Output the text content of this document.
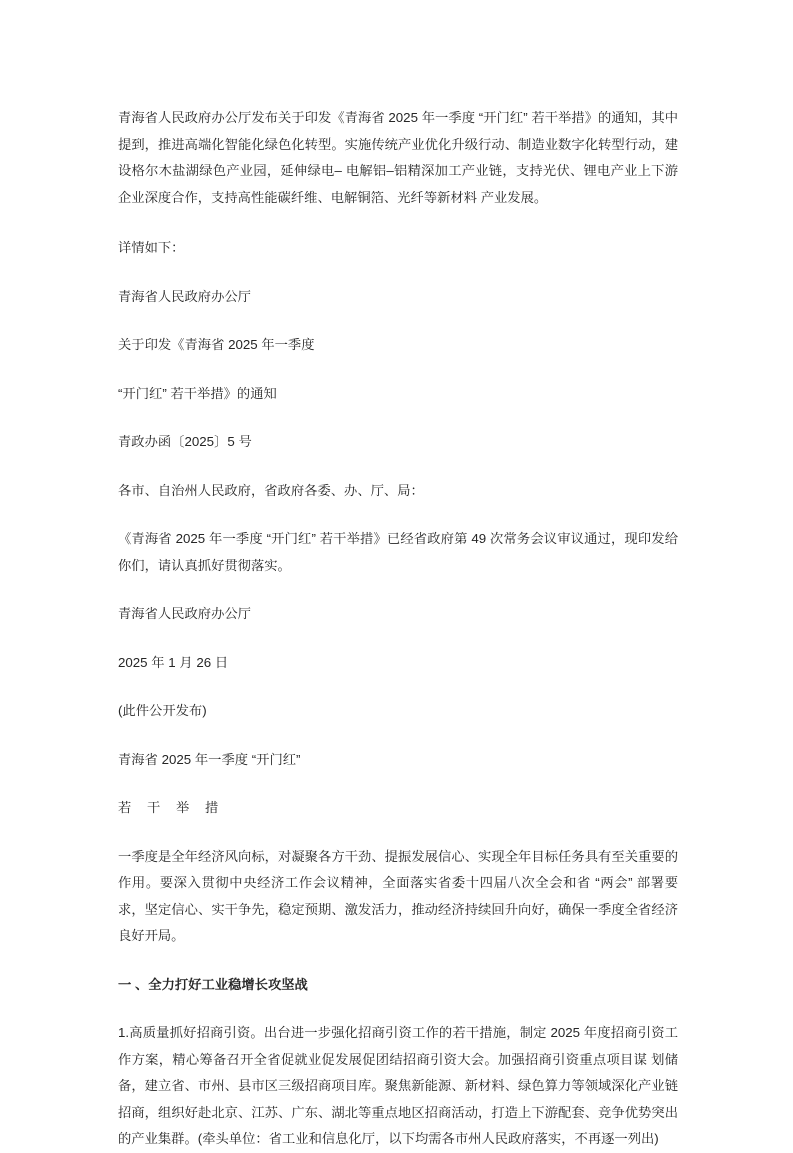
青海省人民政府办公厅发布关于印发《青海省 2025 年一季度 “开门红” 若干举措》的通知，其中提到，推进高端化智能化绿色化转型。实施传统产业优化升级行动、制造业数字化转型行动，建设格尔木盐湖绿色产业园，延伸绿电– 电解铝–铝精深加工产业链，支持光伏、锂电产业上下游企业深度合作，支持高性能碳纤维、电解铜箔、光纤等新材料 产业发展。

详情如下：

青海省人民政府办公厅

关于印发《青海省 2025 年一季度

“开门红” 若干举措》的通知

青政办函〔2025〕5 号

各市、自治州人民政府，省政府各委、办、厅、局：

《青海省 2025 年一季度 “开门红” 若干举措》已经省政府第 49 次常务会议审议通过，现印发给你们，请认真抓好贯彻落实。

青海省人民政府办公厅

2025 年 1 月 26 日

(此件公开发布)

青海省 2025 年一季度 “开门红”

若 干 举 措

一季度是全年经济风向标，对凝聚各方干劲、提振发展信心、实现全年目标任务具有至关重要的作用。要深入贯彻中央经济工作会议精神，全面落实省委十四届八次全会和省 “两会” 部署要求，坚定信心、实干争先，稳定预期、激发活力，推动经济持续回升向好，确保一季度全省经济良好开局。

一 、全力打好工业稳增长攻坚战

1.高质量抓好招商引资。出台进一步强化招商引资工作的若干措施，制定 2025 年度招商引资工作方案，精心筹备召开全省促就业促发展促团结招商引资大会。加强招商引资重点项目谋 划储备，建立省、市州、县市区三级招商项目库。聚焦新能源、新材料、绿色算力等领域深化产业链招商，组织好赴北京、江苏、广东、湖北等重点地区招商活动，打造上下游配套、竞争优势突出的产业集群。(牵头单位：省工业和信息化厅，以下均需各市州人民政府落实，不再逐一列出)
